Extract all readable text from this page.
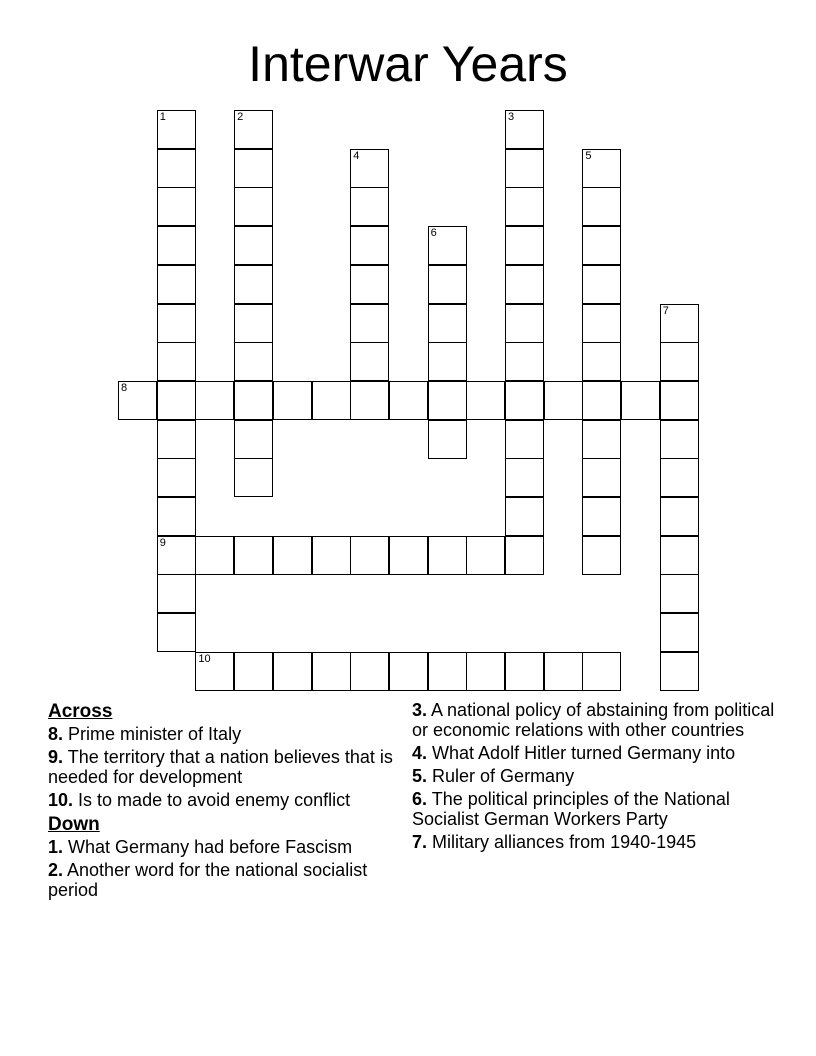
Interwar Years
1	2	3
4	5
6
7
8
9
10
Across
8. Prime minister of Italy
9. The territory that a nation believes that is needed for development
10. Is to made to avoid enemy conflict
Down
1. What Germany had before Fascism
2. Another word for the national socialist period
3. A national policy of abstaining from political or economic relations with other countries
4. What Adolf Hitler turned Germany into
5. Ruler of Germany
6. The political principles of the National Socialist German Workers Party
7. Military alliances from 1940-1945
